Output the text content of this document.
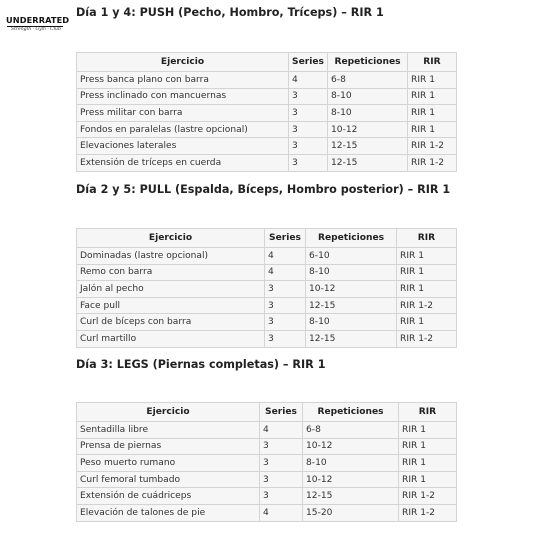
UNDERRATED
Strength · Gym · Club
Día 1 y 4: PUSH (Pecho, Hombro, Tríceps) – RIR 1
Ejercicio	Series	Repeticiones	RIR
Press banca plano con barra	4	6-8	RIR 1
Press inclinado con mancuernas	3	8-10	RIR 1
Press militar con barra	3	8-10	RIR 1
Fondos en paralelas (lastre opcional)	3	10-12	RIR 1
Elevaciones laterales	3	12-15	RIR 1-2
Extensión de tríceps en cuerda	3	12-15	RIR 1-2
Día 2 y 5: PULL (Espalda, Bíceps, Hombro posterior) – RIR 1
Ejercicio	Series	Repeticiones	RIR
Dominadas (lastre opcional)	4	6-10	RIR 1
Remo con barra	4	8-10	RIR 1
Jalón al pecho	3	10-12	RIR 1
Face pull	3	12-15	RIR 1-2
Curl de bíceps con barra	3	8-10	RIR 1
Curl martillo	3	12-15	RIR 1-2
Día 3: LEGS (Piernas completas) – RIR 1
Ejercicio	Series	Repeticiones	RIR
Sentadilla libre	4	6-8	RIR 1
Prensa de piernas	3	10-12	RIR 1
Peso muerto rumano	3	8-10	RIR 1
Curl femoral tumbado	3	10-12	RIR 1
Extensión de cuádriceps	3	12-15	RIR 1-2
Elevación de talones de pie	4	15-20	RIR 1-2
